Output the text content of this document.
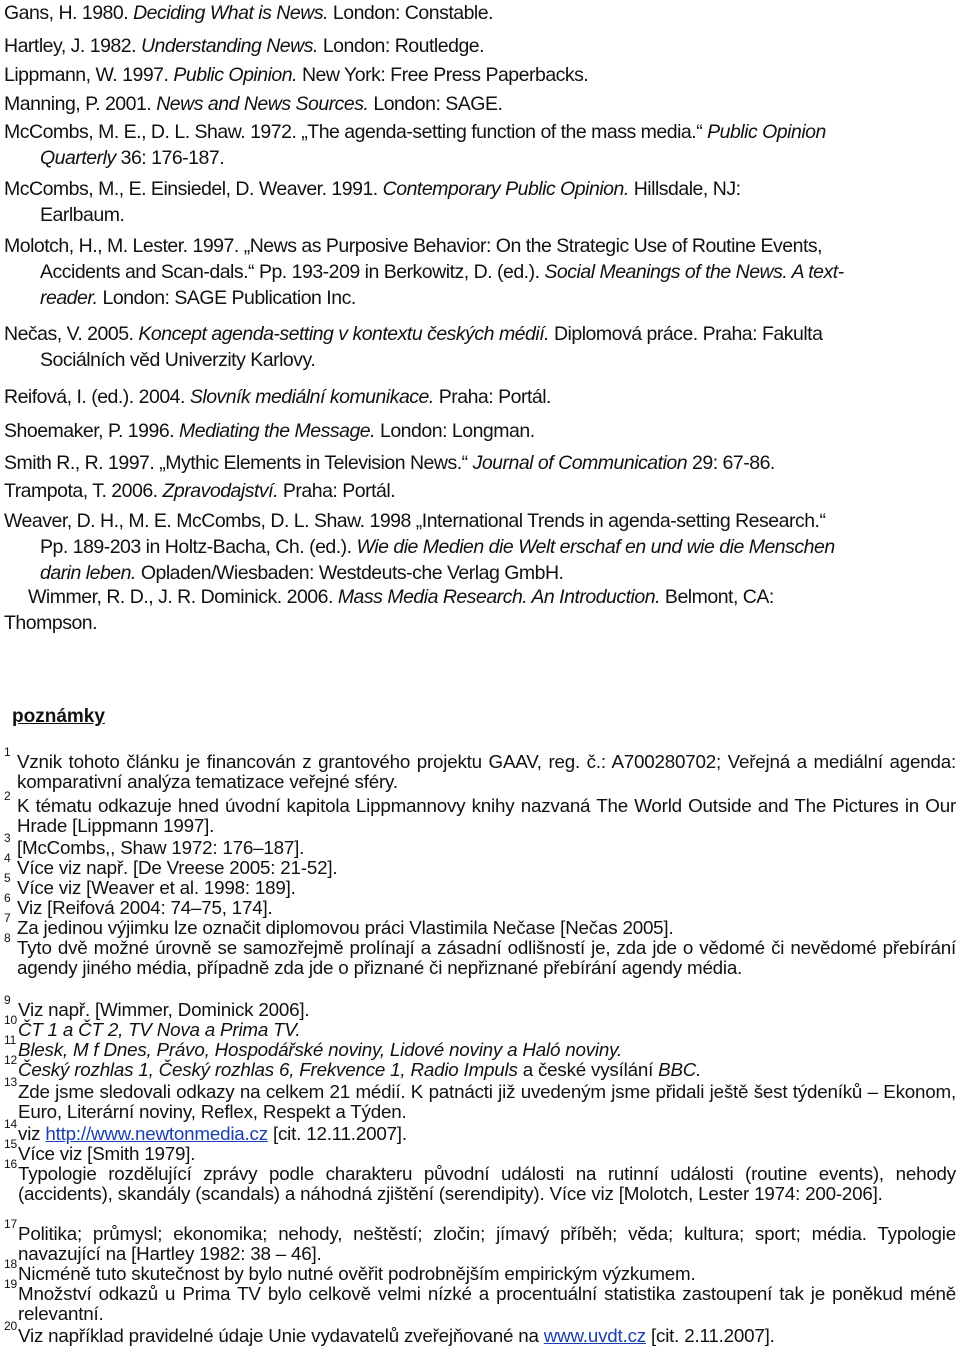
Gans, H. 1980. Deciding What is News. London: Constable.

Hartley, J. 1982. Understanding News. London: Routledge.

Lippmann, W. 1997. Public Opinion. New York: Free Press Paperbacks.

Manning, P. 2001. News and News Sources. London: SAGE.

McCombs, M. E., D. L. Shaw. 1972. „The agenda-setting function of the mass media.“ Public Opinion
Quarterly 36: 176-187.

McCombs, M., E. Einsiedel, D. Weaver. 1991. Contemporary Public Opinion. Hillsdale, NJ:
Earlbaum.

Molotch, H., M. Lester. 1997. „News as Purposive Behavior: On the Strategic Use of Routine Events,
Accidents and Scan-dals.“ Pp. 193-209 in Berkowitz, D. (ed.). Social Meanings of the News. A text-
reader. London: SAGE Publication Inc.

Nečas, V. 2005. Koncept agenda-setting v kontextu českých médií. Diplomová práce. Praha: Fakulta
Sociálních věd Univerzity Karlovy.

Reifová, I. (ed.). 2004. Slovník mediální komunikace. Praha: Portál.

Shoemaker, P. 1996. Mediating the Message. London: Longman.

Smith R., R. 1997. „Mythic Elements in Television News.“ Journal of Communication 29: 67-86.

Trampota, T. 2006. Zpravodajství. Praha: Portál.

Weaver, D. H., M. E. McCombs, D. L. Shaw. 1998 „International Trends in agenda-setting Research.“
Pp. 189-203 in Holtz-Bacha, Ch. (ed.). Wie die Medien die Welt erschaf en und wie die Menschen
darin leben. Opladen/Wiesbaden: Westdeuts-che Verlag GmbH.

Wimmer, R. D., J. R. Dominick. 2006. Mass Media Research. An Introduction. Belmont, CA:
Thompson.

poznámky

1 Vznik tohoto článku je financován z grantového projektu GAAV, reg. č.: A700280702; Veřejná a mediální agenda: komparativní analýza tematizace veřejné sféry.

2 K tématu odkazuje hned úvodní kapitola Lippmannovy knihy nazvaná The World Outside and The Pictures in Our Hrade [Lippmann 1997].

3 [McCombs,, Shaw 1972: 176–187].

4 Více viz např. [De Vreese 2005: 21-52].

5 Více viz [Weaver et al. 1998: 189].

6 Viz [Reifová 2004: 74–75, 174].

7 Za jedinou výjimku lze označit diplomovou práci Vlastimila Nečase [Nečas 2005].

8 Tyto dvě možné úrovně se samozřejmě prolínají a zásadní odlišností je, zda jde o vědomé či nevědomé přebírání agendy jiného média, případně zda jde o přiznané či nepřiznané přebírání agendy média.

9 Viz např. [Wimmer, Dominick 2006].

10 ČT 1 a ČT 2, TV Nova a Prima TV.

11 Blesk, M f Dnes, Právo, Hospodářské noviny, Lidové noviny a Haló noviny.

12 Český rozhlas 1, Český rozhlas 6, Frekvence 1, Radio Impuls a české vysílání BBC.

13 Zde jsme sledovali odkazy na celkem 21 médií. K patnácti již uvedeným jsme přidali ještě šest týdeníků – Ekonom, Euro, Literární noviny, Reflex, Respekt a Týden.

14 viz http://www.newtonmedia.cz [cit. 12.11.2007].

15 Více viz [Smith 1979].

16 Typologie rozdělující zprávy podle charakteru původní události na rutinní události (routine events), nehody (accidents), skandály (scandals) a náhodná zjištění (serendipity). Více viz [Molotch, Lester 1974: 200-206].

17 Politika; průmysl; ekonomika; nehody, neštěstí; zločin; jímavý příběh; věda; kultura; sport; média. Typologie navazující na [Hartley 1982: 38 – 46].

18 Nicméně tuto skutečnost by bylo nutné ověřit podrobnějším empirickým výzkumem.

19 Množství odkazů u Prima TV bylo celkově velmi nízké a procentuální statistika zastoupení tak je poněkud méně relevantní.

20 Viz například pravidelné údaje Unie vydavatelů zveřejňované na www.uvdt.cz [cit. 2.11.2007].
